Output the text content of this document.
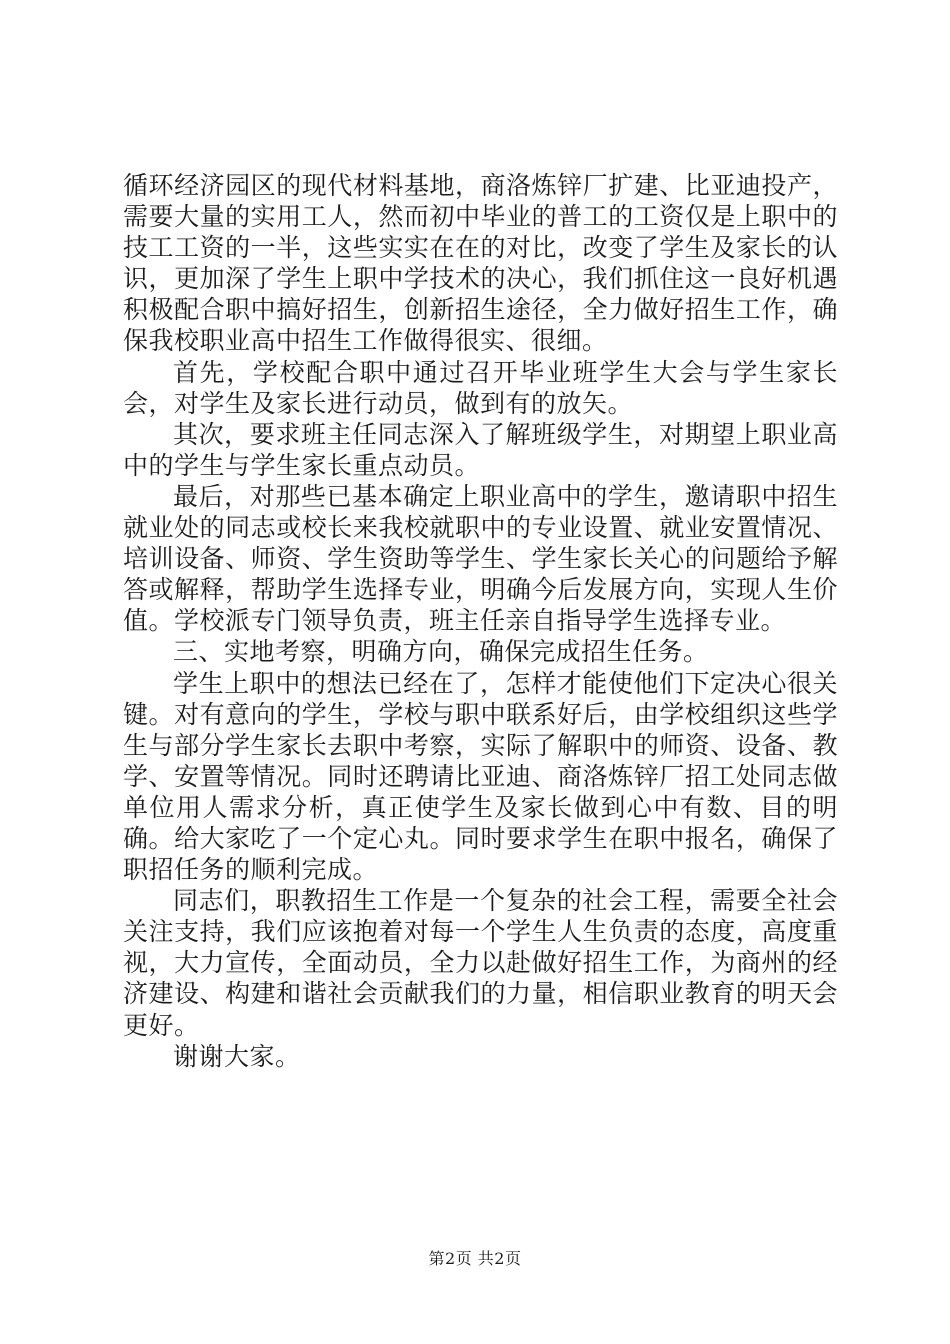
循环经济园区的现代材料基地，商洛炼锌厂扩建、比亚迪投产，需要大量的实用工人，然而初中毕业的普工的工资仅是上职中的技工工资的一半，这些实实在在的对比，改变了学生及家长的认识，更加深了学生上职中学技术的决心，我们抓住这一良好机遇积极配合职中搞好招生，创新招生途径，全力做好招生工作，确保我校职业高中招生工作做得很实、很细。

首先，学校配合职中通过召开毕业班学生大会与学生家长会，对学生及家长进行动员，做到有的放矢。

其次，要求班主任同志深入了解班级学生，对期望上职业高中的学生与学生家长重点动员。

最后，对那些已基本确定上职业高中的学生，邀请职中招生就业处的同志或校长来我校就职中的专业设置、就业安置情况、培训设备、师资、学生资助等学生、学生家长关心的问题给予解答或解释，帮助学生选择专业，明确今后发展方向，实现人生价值。学校派专门领导负责，班主任亲自指导学生选择专业。

三、实地考察，明确方向，确保完成招生任务。

学生上职中的想法已经在了，怎样才能使他们下定决心很关键。对有意向的学生，学校与职中联系好后，由学校组织这些学生与部分学生家长去职中考察，实际了解职中的师资、设备、教学、安置等情况。同时还聘请比亚迪、商洛炼锌厂招工处同志做单位用人需求分析，真正使学生及家长做到心中有数、目的明确。给大家吃了一个定心丸。同时要求学生在职中报名，确保了职招任务的顺利完成。

同志们，职教招生工作是一个复杂的社会工程，需要全社会关注支持，我们应该抱着对每一个学生人生负责的态度，高度重视，大力宣传，全面动员，全力以赴做好招生工作，为商州的经济建设、构建和谐社会贡献我们的力量，相信职业教育的明天会更好。

谢谢大家。

第2页 共2页
